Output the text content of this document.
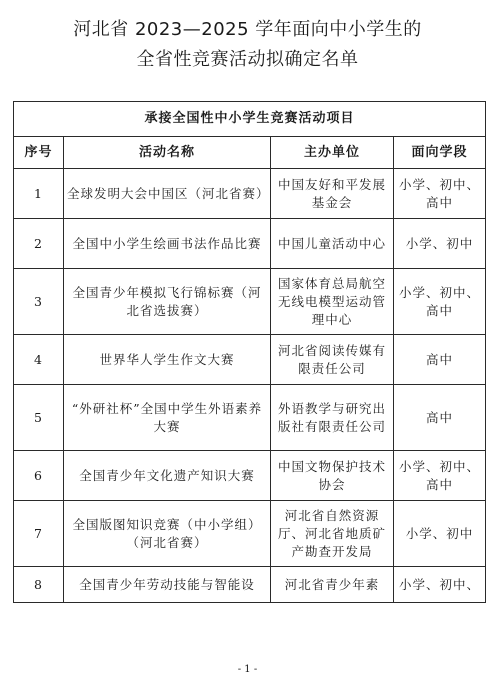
河北省 2023—2025 学年面向中小学生的
全省性竞赛活动拟确定名单
承接全国性中小学生竞赛活动项目			
序号	活动名称	主办单位	面向学段
1	全球发明大会中国区（河北省赛）	中国友好和平发展基金会	小学、初中、高中
2	全国中小学生绘画书法作品比赛	中国儿童活动中心	小学、初中
3	全国青少年模拟飞行锦标赛（河北省选拔赛）	国家体育总局航空无线电模型运动管理中心	小学、初中、高中
4	世界华人学生作文大赛	河北省阅读传媒有限责任公司	高中
5	“外研社杯”全国中学生外语素养大赛	外语教学与研究出版社有限责任公司	高中
6	全国青少年文化遗产知识大赛	中国文物保护技术协会	小学、初中、高中
7	全国版图知识竞赛（中小学组）（河北省赛）	河北省自然资源厅、河北省地质矿产勘查开发局	小学、初中
8	全国青少年劳动技能与智能设	河北省青少年素	小学、初中、
- 1 -
